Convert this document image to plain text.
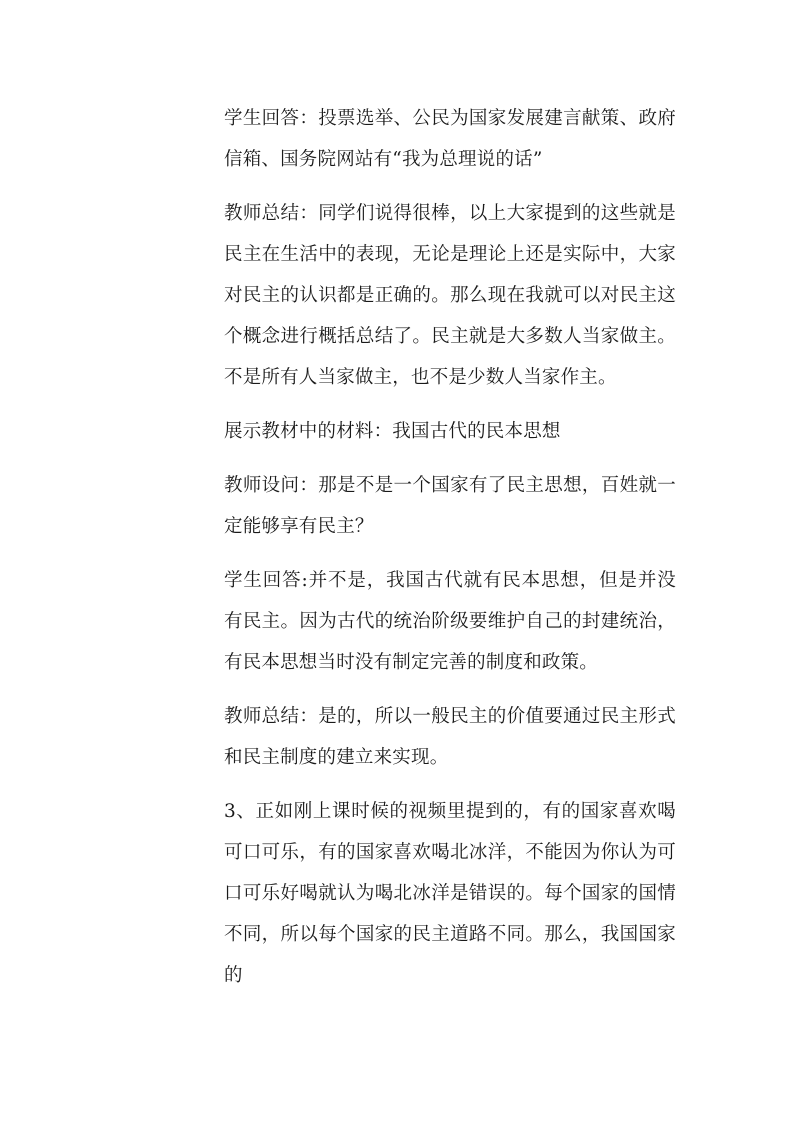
学生回答：投票选举、公民为国家发展建言献策、政府信箱、国务院网站有“我为总理说的话”

教师总结：同学们说得很棒，以上大家提到的这些就是民主在生活中的表现，无论是理论上还是实际中，大家对民主的认识都是正确的。那么现在我就可以对民主这个概念进行概括总结了。民主就是大多数人当家做主。不是所有人当家做主，也不是少数人当家作主。

展示教材中的材料：我国古代的民本思想

教师设问：那是不是一个国家有了民主思想，百姓就一定能够享有民主？

学生回答:并不是，我国古代就有民本思想，但是并没有民主。因为古代的统治阶级要维护自己的封建统治，有民本思想当时没有制定完善的制度和政策。

教师总结：是的，所以一般民主的价值要通过民主形式和民主制度的建立来实现。

3、正如刚上课时候的视频里提到的，有的国家喜欢喝可口可乐，有的国家喜欢喝北冰洋，不能因为你认为可口可乐好喝就认为喝北冰洋是错误的。每个国家的国情不同，所以每个国家的民主道路不同。那么，我国国家的
